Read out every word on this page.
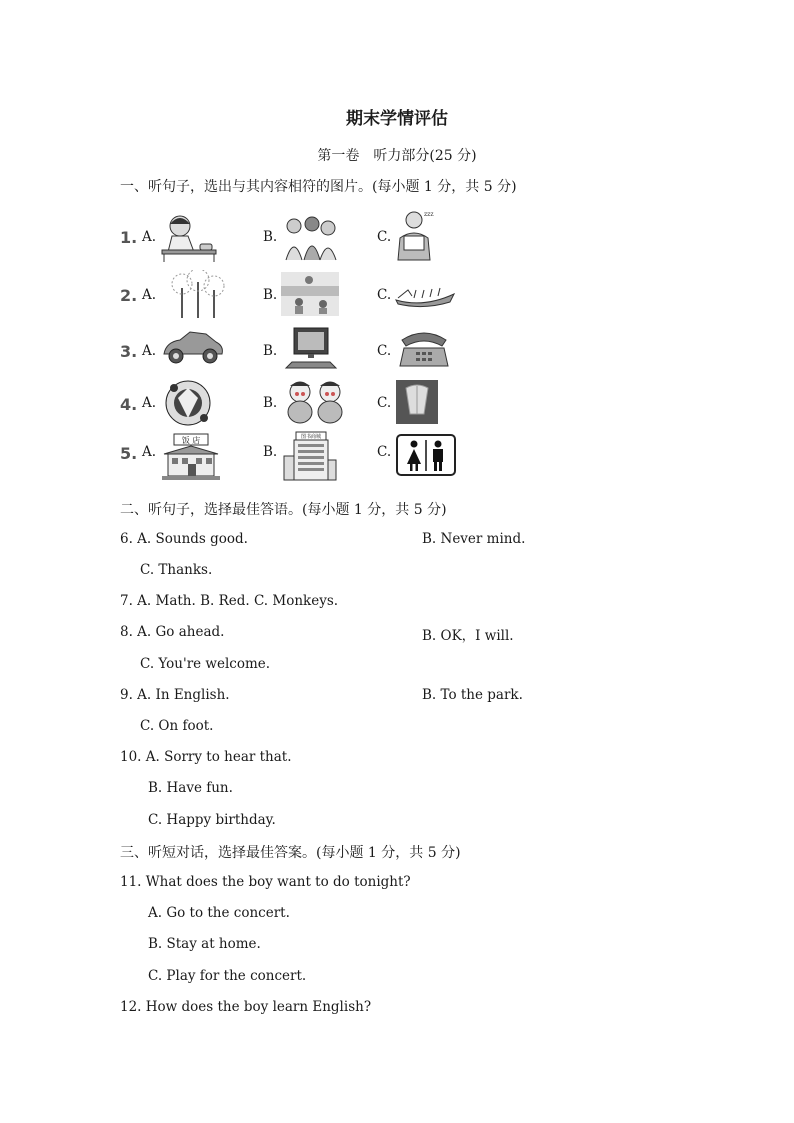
期末学情评估
第一卷　听力部分(25 分)
一、听句子，选出与其内容相符的图片。(每小题 1 分，共 5 分)
1. A.	B.	C.
zzz
2. A.	B.	C.
3. A.	B.	C.
4. A.	B.	C.
5. A.	B.	C.
饭 店	图书商城
二、听句子，选择最佳答语。(每小题 1 分，共 5 分)
6. A. Sounds good.	B. Never mind.
C. Thanks.
7. A. Math. B. Red. C. Monkeys.
8. A. Go ahead.	B. OK，I will.
C. You're welcome.
9. A. In English.	B. To the park.
C. On foot.
10. A. Sorry to hear that.
B. Have fun.
C. Happy birthday.
三、听短对话，选择最佳答案。(每小题 1 分，共 5 分)
11. What does the boy want to do tonight?
A. Go to the concert.
B. Stay at home.
C. Play for the concert.
12. How does the boy learn English?
